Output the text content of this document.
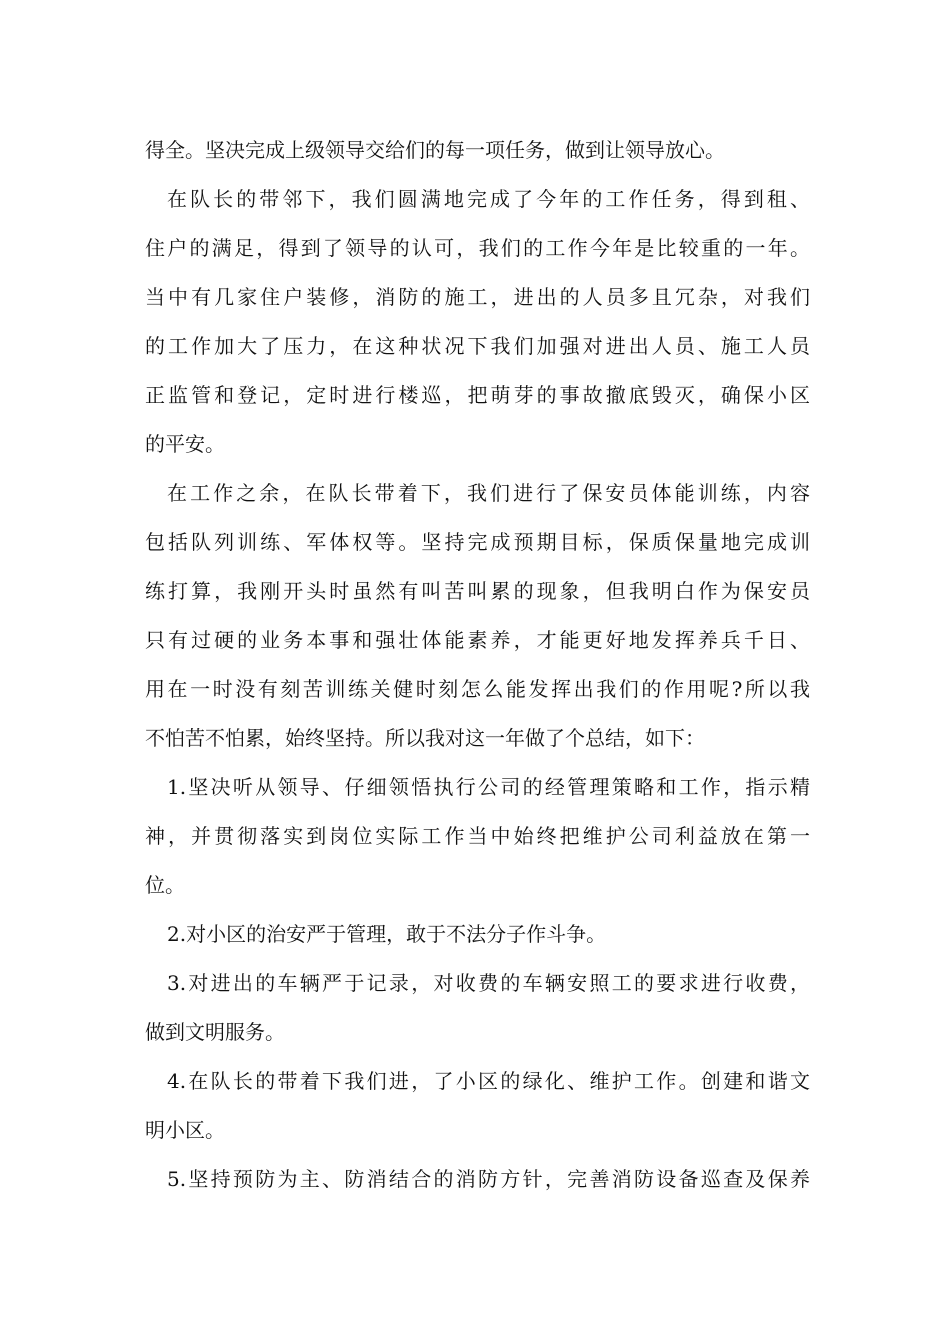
得全。坚决完成上级领导交给们的每一项任务，做到让领导放心。
在队长的带邻下，我们圆满地完成了今年的工作任务，得到租、
住户的满足，得到了领导的认可，我们的工作今年是比较重的一年。
当中有几家住户装修，消防的施工，进出的人员多且冗杂，对我们
的工作加大了压力，在这种状况下我们加强对进出人员、施工人员
正监管和登记，定时进行楼巡，把萌芽的事故撤底毁灭，确保小区
的平安。
在工作之余，在队长带着下，我们进行了保安员体能训练，内容
包括队列训练、军体权等。坚持完成预期目标，保质保量地完成训
练打算，我刚开头时虽然有叫苦叫累的现象，但我明白作为保安员
只有过硬的业务本事和强壮体能素养，才能更好地发挥养兵千日、
用在一时没有刻苦训练关健时刻怎么能发挥出我们的作用呢?所以我
不怕苦不怕累，始终坚持。所以我对这一年做了个总结，如下：
1.坚决听从领导、仔细领悟执行公司的经管理策略和工作，指示精
神，并贯彻落实到岗位实际工作当中始终把维护公司利益放在第一
位。
2.对小区的治安严于管理，敢于不法分子作斗争。
3.对进出的车辆严于记录，对收费的车辆安照工的要求进行收费，
做到文明服务。
4.在队长的带着下我们进，了小区的绿化、维护工作。创建和谐文
明小区。
5.坚持预防为主、防消结合的消防方针，完善消防设备巡查及保养
